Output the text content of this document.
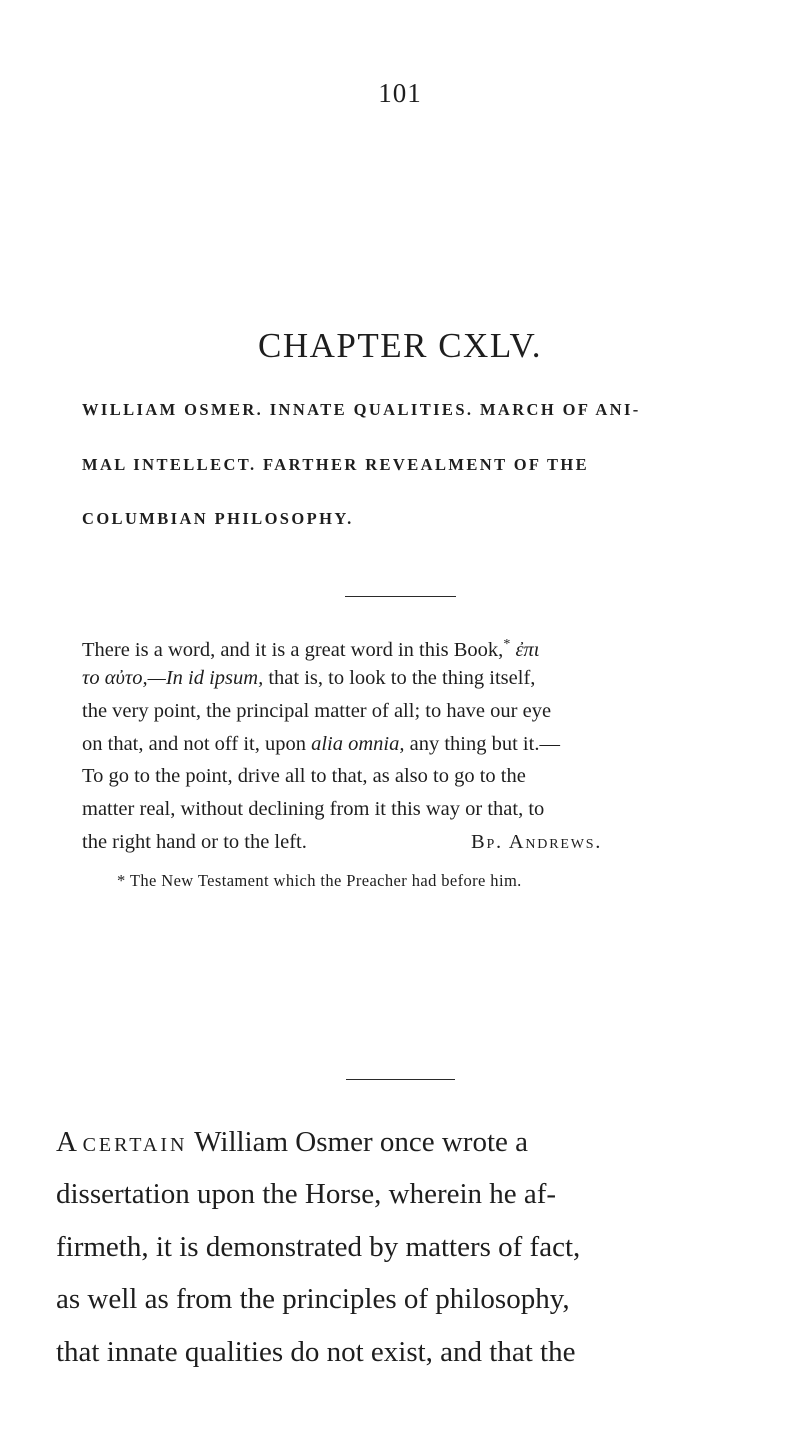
101
CHAPTER CXLV.
WILLIAM OSMER. INNATE QUALITIES. MARCH OF ANI-
MAL INTELLECT. FARTHER REVEALMENT OF THE
COLUMBIAN PHILOSOPHY.
There is a word, and it is a great word in this Book,* ἐπι
το αὐτο,—In id ipsum, that is, to look to the thing itself,
the very point, the principal matter of all; to have our eye
on that, and not off it, upon alia omnia, any thing but it.—
To go to the point, drive all to that, as also to go to the
matter real, without declining from it this way or that, to
the right hand or to the left.	Bp. Andrews.
* The New Testament which the Preacher had before him.
A certain William Osmer once wrote a
dissertation upon the Horse, wherein he af-
firmeth, it is demonstrated by matters of fact,
as well as from the principles of philosophy,
that innate qualities do not exist, and that the
